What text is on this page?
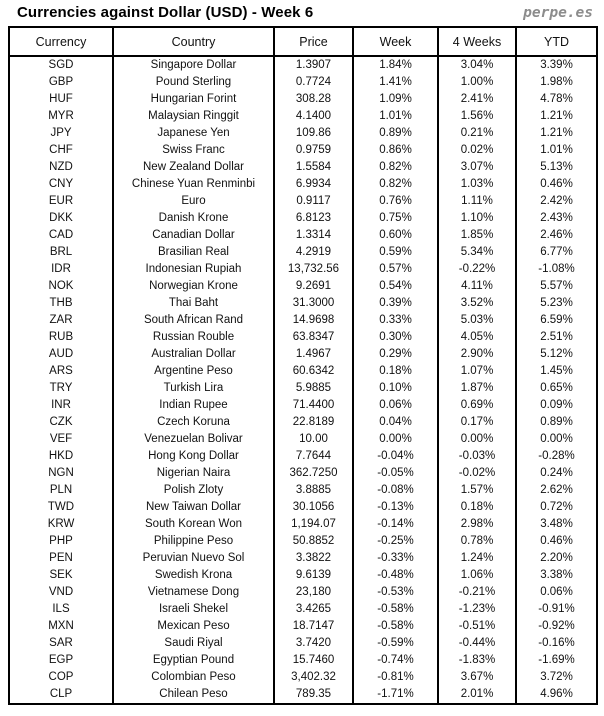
Currencies against Dollar (USD) - Week 6	perpe.es
Currency	Country	Price	Week	4 Weeks	YTD
SGD	Singapore Dollar	1.3907	1.84%	3.04%	3.39%
GBP	Pound Sterling	0.7724	1.41%	1.00%	1.98%
HUF	Hungarian Forint	308.28	1.09%	2.41%	4.78%
MYR	Malaysian Ringgit	4.1400	1.01%	1.56%	1.21%
JPY	Japanese Yen	109.86	0.89%	0.21%	1.21%
CHF	Swiss Franc	0.9759	0.86%	0.02%	1.01%
NZD	New Zealand Dollar	1.5584	0.82%	3.07%	5.13%
CNY	Chinese Yuan Renminbi	6.9934	0.82%	1.03%	0.46%
EUR	Euro	0.9117	0.76%	1.11%	2.42%
DKK	Danish Krone	6.8123	0.75%	1.10%	2.43%
CAD	Canadian Dollar	1.3314	0.60%	1.85%	2.46%
BRL	Brasilian Real	4.2919	0.59%	5.34%	6.77%
IDR	Indonesian Rupiah	13,732.56	0.57%	-0.22%	-1.08%
NOK	Norwegian Krone	9.2691	0.54%	4.11%	5.57%
THB	Thai Baht	31.3000	0.39%	3.52%	5.23%
ZAR	South African Rand	14.9698	0.33%	5.03%	6.59%
RUB	Russian Rouble	63.8347	0.30%	4.05%	2.51%
AUD	Australian Dollar	1.4967	0.29%	2.90%	5.12%
ARS	Argentine Peso	60.6342	0.18%	1.07%	1.45%
TRY	Turkish Lira	5.9885	0.10%	1.87%	0.65%
INR	Indian Rupee	71.4400	0.06%	0.69%	0.09%
CZK	Czech Koruna	22.8189	0.04%	0.17%	0.89%
VEF	Venezuelan Bolivar	10.00	0.00%	0.00%	0.00%
HKD	Hong Kong Dollar	7.7644	-0.04%	-0.03%	-0.28%
NGN	Nigerian Naira	362.7250	-0.05%	-0.02%	0.24%
PLN	Polish Zloty	3.8885	-0.08%	1.57%	2.62%
TWD	New Taiwan Dollar	30.1056	-0.13%	0.18%	0.72%
KRW	South Korean Won	1,194.07	-0.14%	2.98%	3.48%
PHP	Philippine Peso	50.8852	-0.25%	0.78%	0.46%
PEN	Peruvian Nuevo Sol	3.3822	-0.33%	1.24%	2.20%
SEK	Swedish Krona	9.6139	-0.48%	1.06%	3.38%
VND	Vietnamese Dong	23,180	-0.53%	-0.21%	0.06%
ILS	Israeli Shekel	3.4265	-0.58%	-1.23%	-0.91%
MXN	Mexican Peso	18.7147	-0.58%	-0.51%	-0.92%
SAR	Saudi Riyal	3.7420	-0.59%	-0.44%	-0.16%
EGP	Egyptian Pound	15.7460	-0.74%	-1.83%	-1.69%
COP	Colombian Peso	3,402.32	-0.81%	3.67%	3.72%
CLP	Chilean Peso	789.35	-1.71%	2.01%	4.96%
